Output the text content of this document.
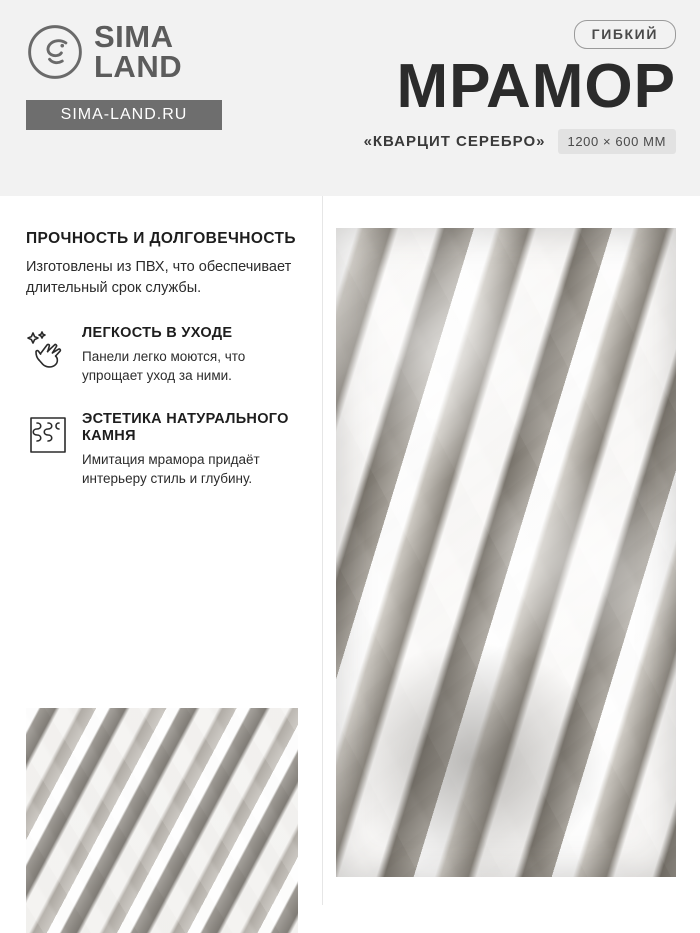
SIMA
LAND
SIMA-LAND.RU
ГИБКИЙ
МРАМОР
«КВАРЦИТ СЕРЕБРО»	1200 × 600 ММ
ПРОЧНОСТЬ И ДОЛГОВЕЧНОСТЬ
Изготовлены из ПВХ, что обеспечивает длительный срок службы.
ЛЕГКОСТЬ В УХОДЕ
Панели легко моются, что упрощает уход за ними.
ЭСТЕТИКА НАТУРАЛЬНОГО КАМНЯ
Имитация мрамора придаёт интерьеру стиль и глубину.
